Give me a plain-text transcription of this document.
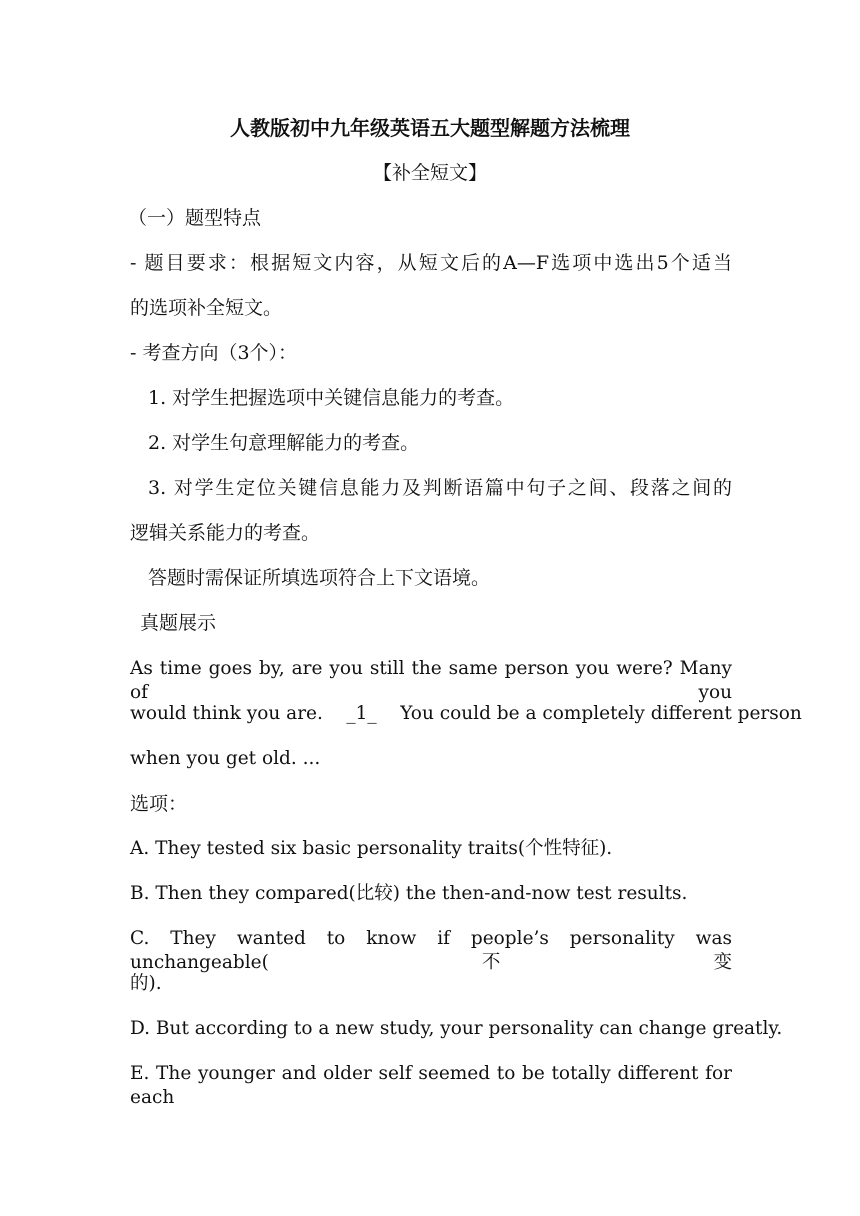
人教版初中九年级英语五大题型解题方法梳理
【补全短文】
（一）题型特点
- 题目要求：根据短文内容，从短文后的A—F选项中选出5个适当
的选项补全短文。
- 考查方向（3个）：
1. 对学生把握选项中关键信息能力的考查。
2. 对学生句意理解能力的考查。
3. 对学生定位关键信息能力及判断语篇中句子之间、段落之间的
逻辑关系能力的考查。
答题时需保证所填选项符合上下文语境。
真题展示
As time goes by, are you still the same person you were? Many of you
would think you are.    _1_    You could be a completely different person
when you get old. ...
选项：
A. They tested six basic personality traits(个性特征).
B. Then they compared(比较) the then-and-now test results.
C. They wanted to know if people’s personality was unchangeable(不变
的).
D. But according to a new study, your personality can change greatly.
E. The younger and older self seemed to be totally different for each
